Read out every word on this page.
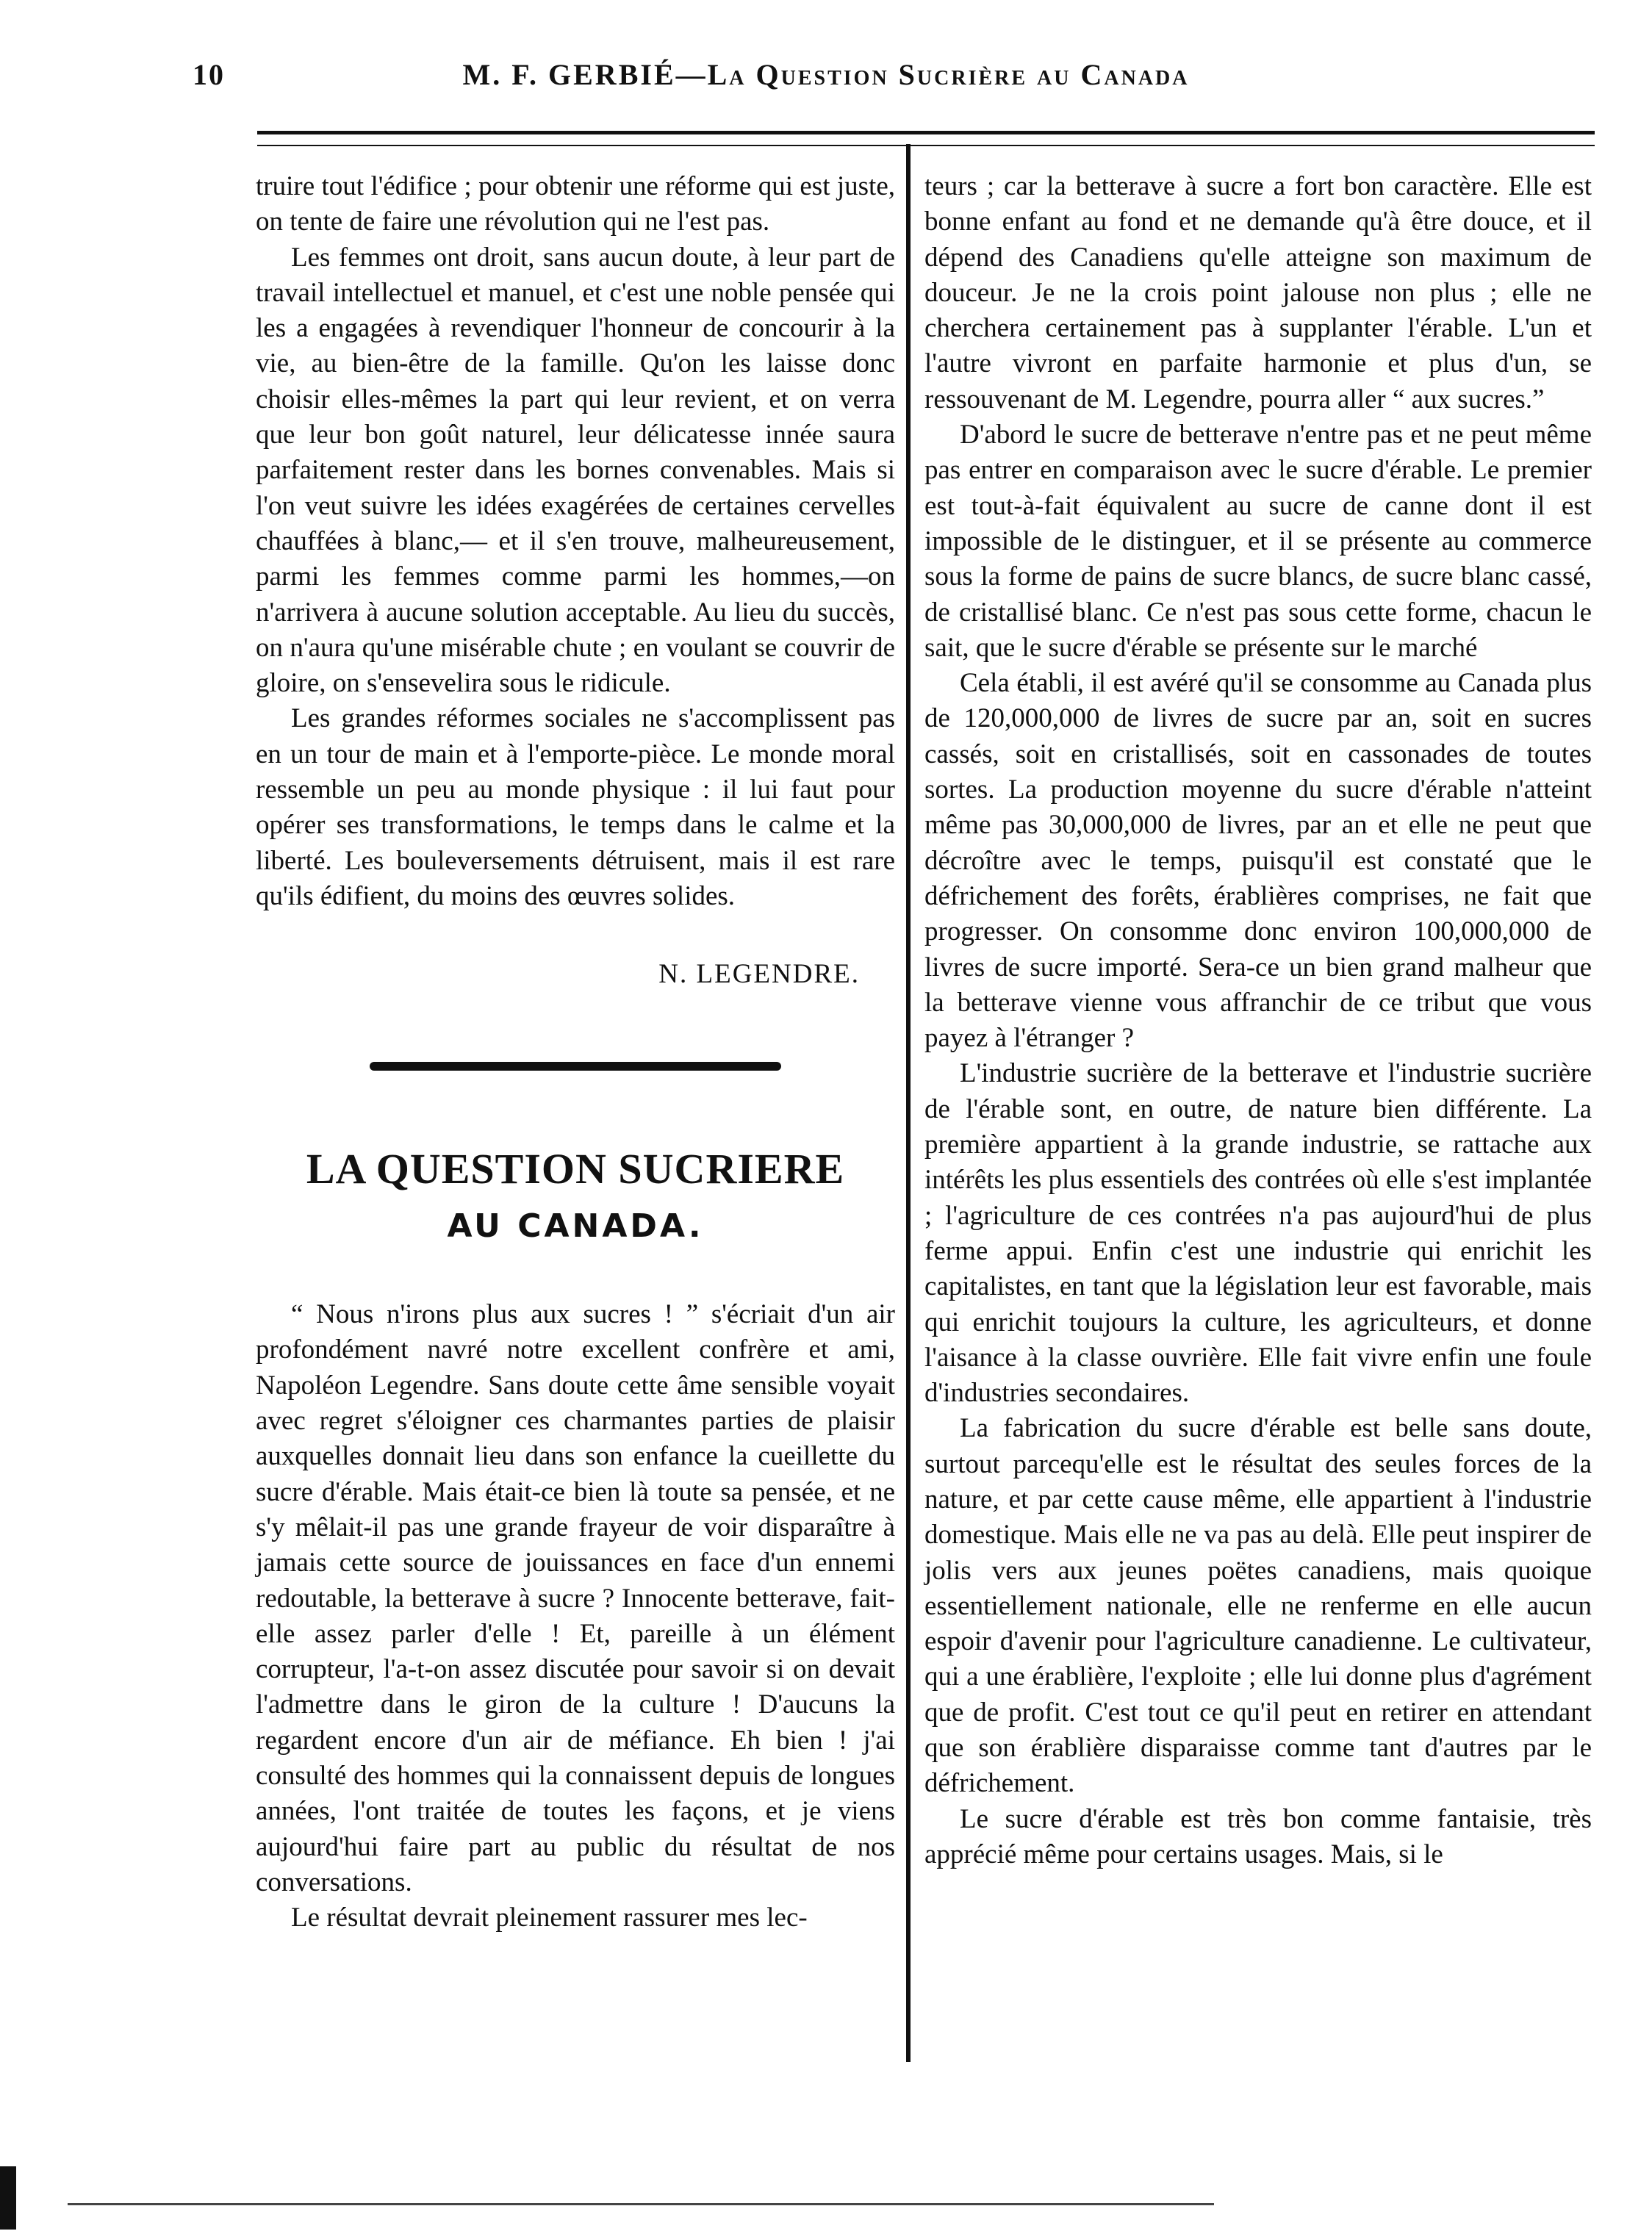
10	M. F. GERBIÉ—La Question Sucrière au Canada

truire tout l'édifice ; pour obtenir une réforme qui est juste, on tente de faire une révolution qui ne l'est pas.

Les femmes ont droit, sans aucun doute, à leur part de travail intellectuel et manuel, et c'est une noble pensée qui les a engagées à revendiquer l'honneur de concourir à la vie, au bien-être de la famille. Qu'on les laisse donc choisir elles-mêmes la part qui leur revient, et on verra que leur bon goût naturel, leur délicatesse innée saura parfaitement rester dans les bornes convenables. Mais si l'on veut suivre les idées exagérées de certaines cervelles chauffées à blanc,— et il s'en trouve, malheureusement, parmi les femmes comme parmi les hommes,—on n'arrivera à aucune solution acceptable. Au lieu du succès, on n'aura qu'une misérable chute ; en voulant se couvrir de gloire, on s'ensevelira sous le ridicule.

Les grandes réformes sociales ne s'accomplissent pas en un tour de main et à l'emporte-pièce. Le monde moral ressemble un peu au monde physique : il lui faut pour opérer ses transformations, le temps dans le calme et la liberté. Les bouleversements détruisent, mais il est rare qu'ils édifient, du moins des œuvres solides.

N. LEGENDRE.
LA QUESTION SUCRIERE
AU CANADA.

“ Nous n'irons plus aux sucres ! ” s'écriait d'un air profondément navré notre excellent confrère et ami, Napoléon Legendre. Sans doute cette âme sensible voyait avec regret s'éloigner ces charmantes parties de plaisir auxquelles donnait lieu dans son enfance la cueillette du sucre d'érable. Mais était-ce bien là toute sa pensée, et ne s'y mêlait-il pas une grande frayeur de voir disparaître à jamais cette source de jouissances en face d'un ennemi redoutable, la betterave à sucre ? Innocente betterave, fait-elle assez parler d'elle ! Et, pareille à un élément corrupteur, l'a-t-on assez discutée pour savoir si on devait l'admettre dans le giron de la culture ! D'aucuns la regardent encore d'un air de méfiance. Eh bien ! j'ai consulté des hommes qui la connaissent depuis de longues années, l'ont traitée de toutes les façons, et je viens aujourd'hui faire part au public du résultat de nos conversations.

Le résultat devrait pleinement rassurer mes lec-

teurs ; car la betterave à sucre a fort bon caractère. Elle est bonne enfant au fond et ne demande qu'à être douce, et il dépend des Canadiens qu'elle atteigne son maximum de douceur. Je ne la crois point jalouse non plus ; elle ne cherchera certainement pas à supplanter l'érable. L'un et l'autre vivront en parfaite harmonie et plus d'un, se ressouvenant de M. Legendre, pourra aller “ aux sucres.”

D'abord le sucre de betterave n'entre pas et ne peut même pas entrer en comparaison avec le sucre d'érable. Le premier est tout-à-fait équivalent au sucre de canne dont il est impossible de le distinguer, et il se présente au commerce sous la forme de pains de sucre blancs, de sucre blanc cassé, de cristallisé blanc. Ce n'est pas sous cette forme, chacun le sait, que le sucre d'érable se présente sur le marché

Cela établi, il est avéré qu'il se consomme au Canada plus de 120,000,000 de livres de sucre par an, soit en sucres cassés, soit en cristallisés, soit en cassonades de toutes sortes. La production moyenne du sucre d'érable n'atteint même pas 30,000,000 de livres, par an et elle ne peut que décroître avec le temps, puisqu'il est constaté que le défrichement des forêts, érablières comprises, ne fait que progresser. On consomme donc environ 100,000,000 de livres de sucre importé. Sera-ce un bien grand malheur que la betterave vienne vous affranchir de ce tribut que vous payez à l'étranger ?

L'industrie sucrière de la betterave et l'industrie sucrière de l'érable sont, en outre, de nature bien différente. La première appartient à la grande industrie, se rattache aux intérêts les plus essentiels des contrées où elle s'est implantée ; l'agriculture de ces contrées n'a pas aujourd'hui de plus ferme appui. Enfin c'est une industrie qui enrichit les capitalistes, en tant que la législation leur est favorable, mais qui enrichit toujours la culture, les agriculteurs, et donne l'aisance à la classe ouvrière. Elle fait vivre enfin une foule d'industries secondaires.

La fabrication du sucre d'érable est belle sans doute, surtout parcequ'elle est le résultat des seules forces de la nature, et par cette cause même, elle appartient à l'industrie domestique. Mais elle ne va pas au delà. Elle peut inspirer de jolis vers aux jeunes poëtes canadiens, mais quoique essentiellement nationale, elle ne renferme en elle aucun espoir d'avenir pour l'agriculture canadienne. Le cultivateur, qui a une érablière, l'exploite ; elle lui donne plus d'agrément que de profit. C'est tout ce qu'il peut en retirer en attendant que son érablière disparaisse comme tant d'autres par le défrichement.

Le sucre d'érable est très bon comme fantaisie, très apprécié même pour certains usages. Mais, si le
